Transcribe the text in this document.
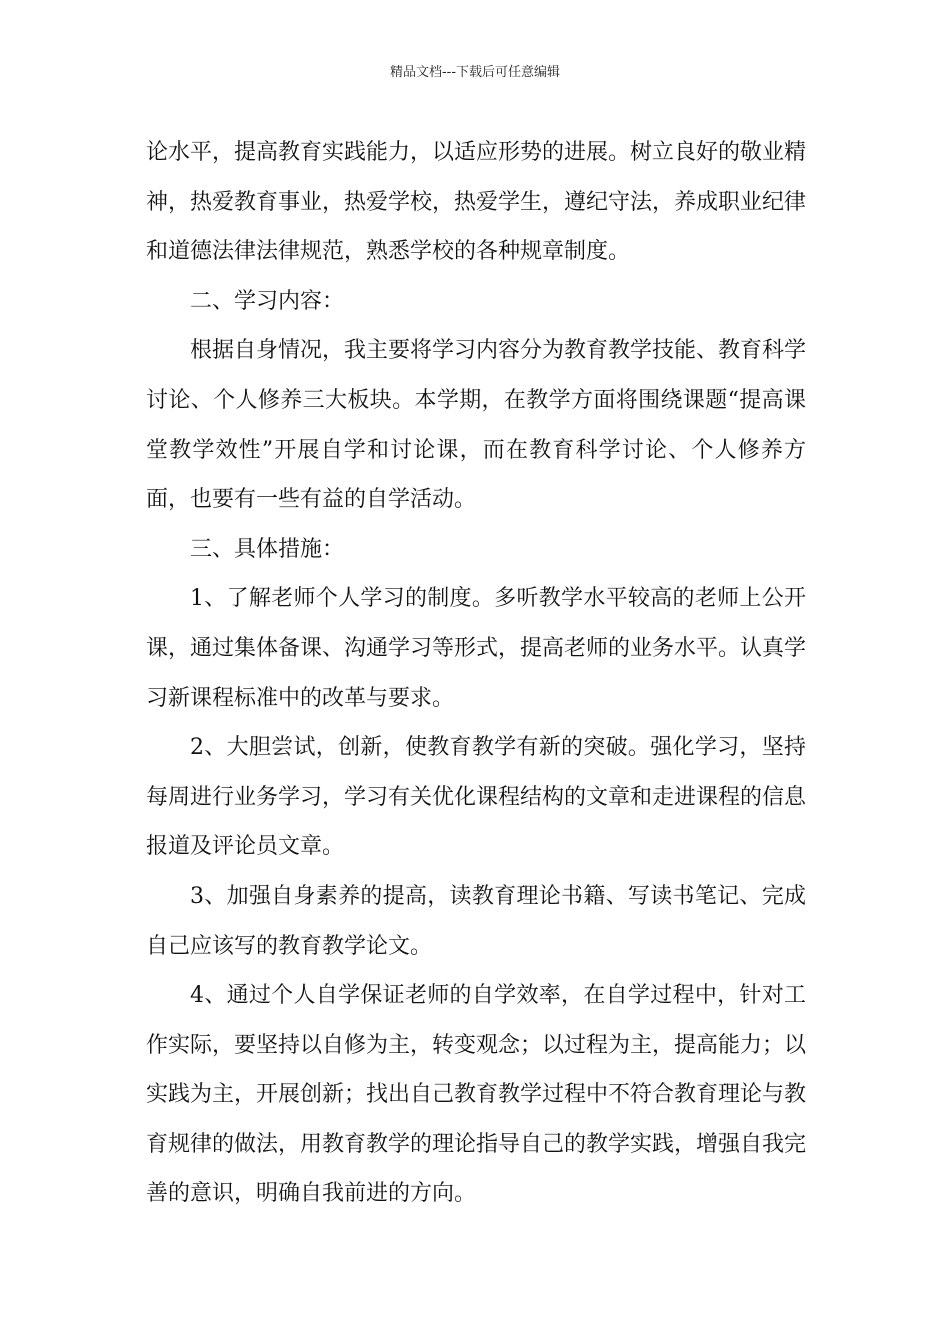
精品文档---下载后可任意编辑

论水平，提高教育实践能力，以适应形势的进展。树立良好的敬业精神，热爱教育事业，热爱学校，热爱学生，遵纪守法，养成职业纪律和道德法律法律规范，熟悉学校的各种规章制度。

二、学习内容：

根据自身情况，我主要将学习内容分为教育教学技能、教育科学讨论、个人修养三大板块。本学期，在教学方面将围绕课题“提高课堂教学效性”开展自学和讨论课，而在教育科学讨论、个人修养方面，也要有一些有益的自学活动。

三、具体措施：

1、了解老师个人学习的制度。多听教学水平较高的老师上公开课，通过集体备课、沟通学习等形式，提高老师的业务水平。认真学习新课程标准中的改革与要求。

2、大胆尝试，创新，使教育教学有新的突破。强化学习，坚持每周进行业务学习，学习有关优化课程结构的文章和走进课程的信息报道及评论员文章。

3、加强自身素养的提高，读教育理论书籍、写读书笔记、完成自己应该写的教育教学论文。

4、通过个人自学保证老师的自学效率，在自学过程中，针对工作实际，要坚持以自修为主，转变观念；以过程为主，提高能力；以实践为主，开展创新；找出自己教育教学过程中不符合教育理论与教育规律的做法，用教育教学的理论指导自己的教学实践，增强自我完善的意识，明确自我前进的方向。
